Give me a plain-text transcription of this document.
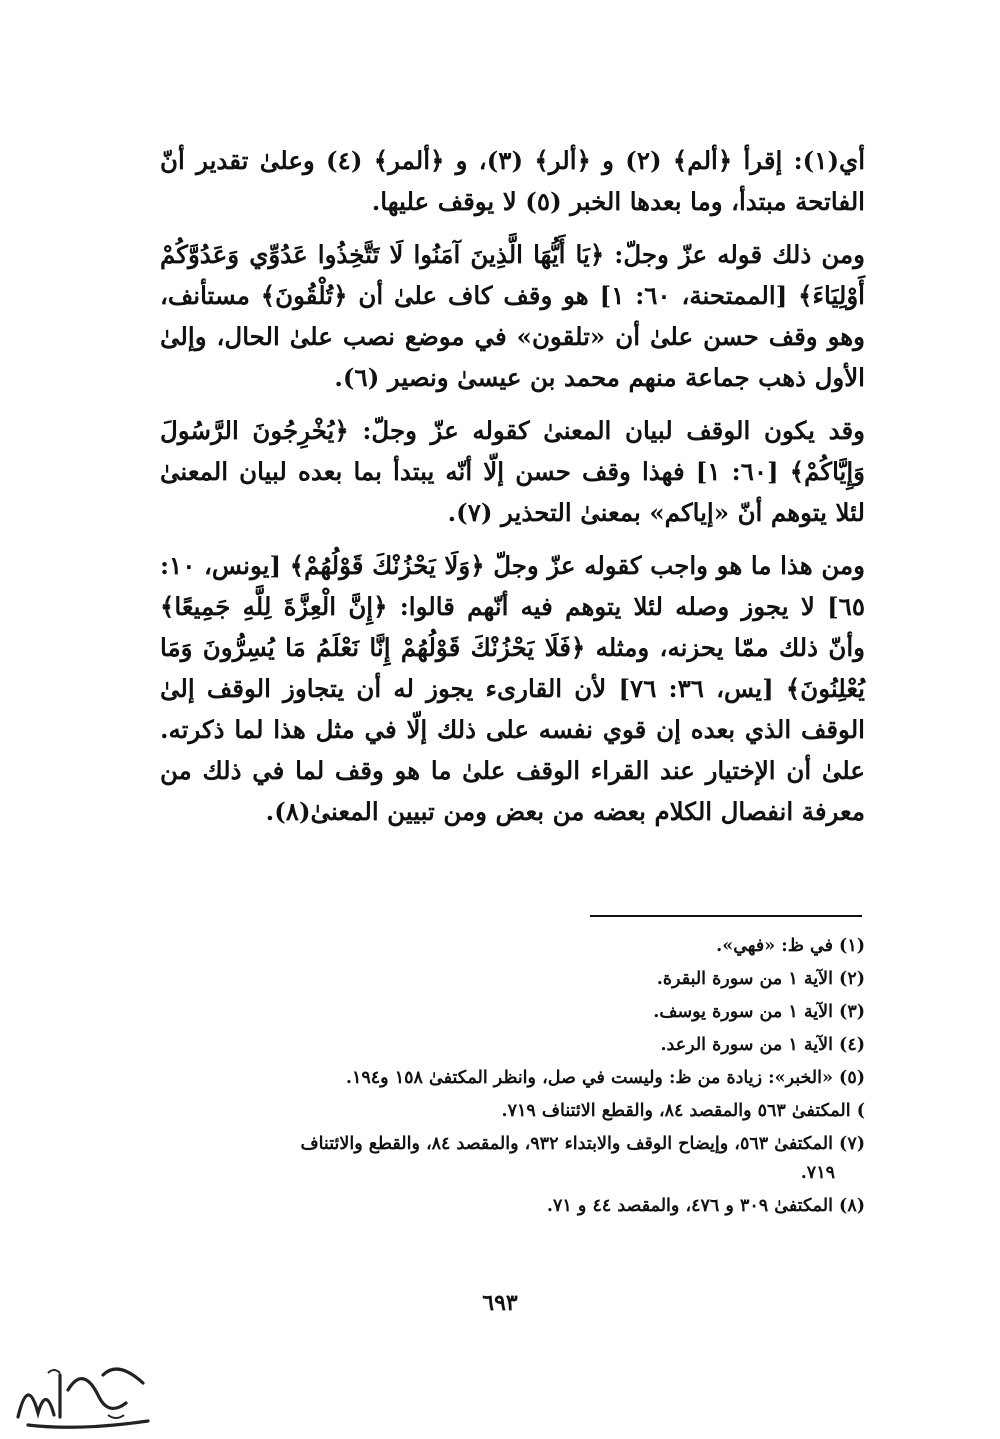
أي(١): إقرأ ﴿ألم﴾ (٢) و ﴿ألر﴾ (٣)، و ﴿ألمر﴾ (٤) وعلىٰ تقدير أنّ الفاتحة مبتدأ، وما بعدها الخبر (٥) لا يوقف عليها.

ومن ذلك قوله عزّ وجلّ: ﴿يَا أَيُّهَا الَّذِينَ آمَنُوا لَا تَتَّخِذُوا عَدُوِّي وَعَدُوَّكُمْ أَوْلِيَاءَ﴾ [الممتحنة، ٦٠: ١] هو وقف كاف علىٰ أن ﴿تُلْقُونَ﴾ مستأنف، وهو وقف حسن علىٰ أن «تلقون» في موضع نصب علىٰ الحال، وإلىٰ الأول ذهب جماعة منهم محمد بن عيسىٰ ونصير (٦).

وقد يكون الوقف لبيان المعنىٰ كقوله عزّ وجلّ: ﴿يُخْرِجُونَ الرَّسُولَ وَإِيَّاكُمْ﴾ [٦٠: ١] فهذا وقف حسن إلّا أنّه يبتدأ بما بعده لبيان المعنىٰ لئلا يتوهم أنّ «إياكم» بمعنىٰ التحذير (٧).

ومن هذا ما هو واجب كقوله عزّ وجلّ ﴿وَلَا يَحْزُنْكَ قَوْلُهُمْ﴾ [يونس، ١٠: ٦٥] لا يجوز وصله لئلا يتوهم فيه أنّهم قالوا: ﴿إِنَّ الْعِزَّةَ لِلَّهِ جَمِيعًا﴾ وأنّ ذلك ممّا يحزنه، ومثله ﴿فَلَا يَحْزُنْكَ قَوْلُهُمْ إِنَّا نَعْلَمُ مَا يُسِرُّونَ وَمَا يُعْلِنُونَ﴾ [يس، ٣٦: ٧٦] لأن القارىء يجوز له أن يتجاوز الوقف إلىٰ الوقف الذي بعده إن قوي نفسه على ذلك إلّا في مثل هذا لما ذكرته. علىٰ أن الإختيار عند القراء الوقف علىٰ ما هو وقف لما في ذلك من معرفة انفصال الكلام بعضه من بعض ومن تبيين المعنىٰ(٨).

(١) في ظ: «فهي».
(٢) الآية ١ من سورة البقرة.
(٣) الآية ١ من سورة يوسف.
(٤) الآية ١ من سورة الرعد.
(٥) «الخبر»: زيادة من ظ: وليست في صل، وانظر المكتفىٰ ١٥٨ و١٩٤.
) المكتفىٰ ٥٦٣ والمقصد ٨٤، والقطع الائتناف ٧١٩.
(٧) المكتفىٰ ٥٦٣، وإيضاح الوقف والابتداء ٩٣٢، والمقصد ٨٤، والقطع والائتناف
٧١٩.
(٨) المكتفىٰ ٣٠٩ و ٤٧٦، والمقصد ٤٤ و ٧١.
٦٩٣
